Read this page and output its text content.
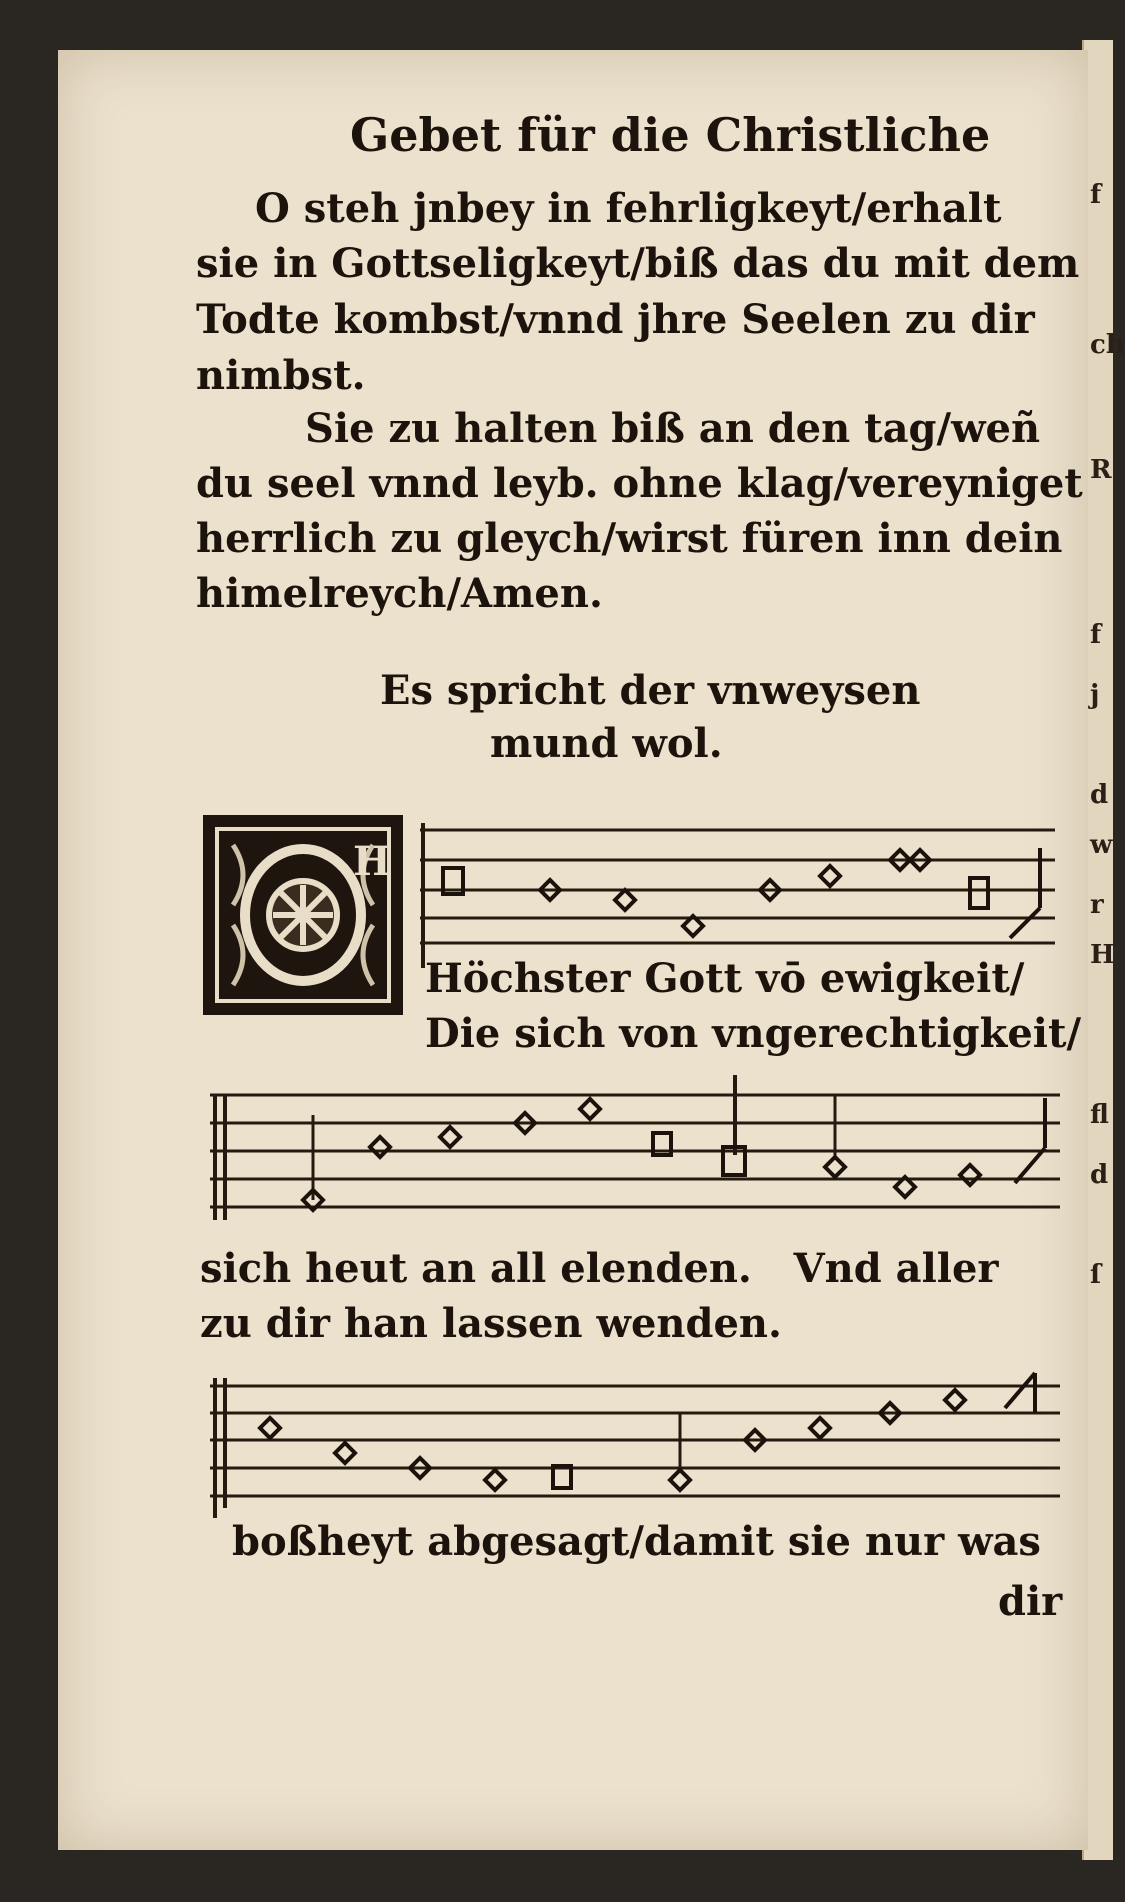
f
ch
R
f
j
d
w
r
H
fl
d
ſ
Gebet für die Christliche
O steh jnbey in fehrligkeyt/erhalt
sie in Gottseligkeyt/biß das du mit dem
Todte kombst/vnnd jhre Seelen zu dir
nimbst.
Sie zu halten biß an den tag/weñ
du seel vnnd leyb. ohne klag/vereyniget
herrlich zu gleych/wirst füren inn dein
himelreych/Amen.
Es spricht der vnweysen
mund wol.
H
Höchster Gott vō ewigkeit/
Die sich von vngerechtigkeit/
sich heut an all elenden.   Vnd aller
zu dir han lassen wenden.
boßheyt abgesagt/damit sie nur was
dir
